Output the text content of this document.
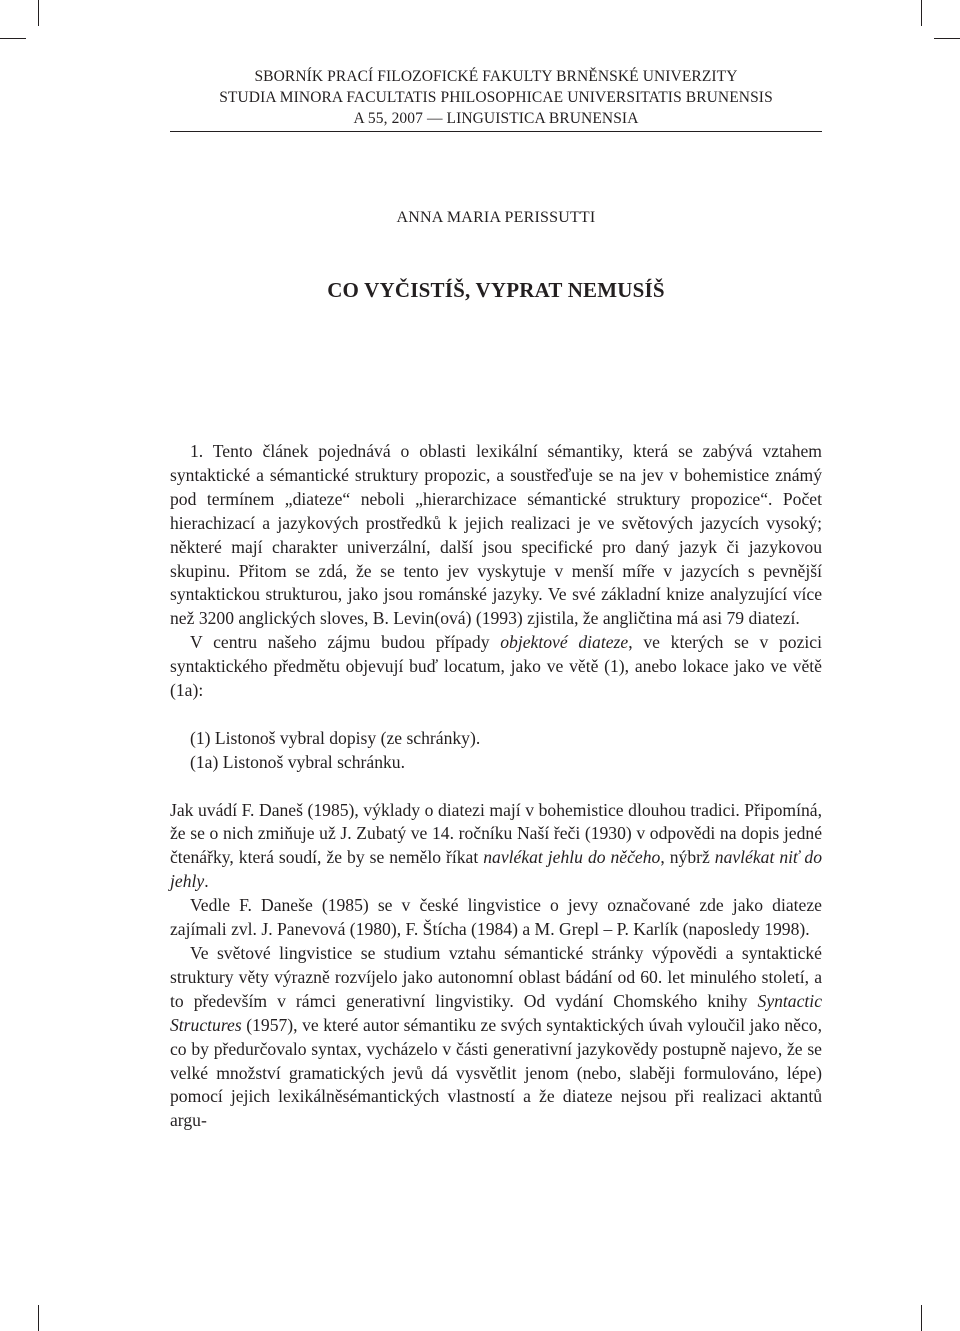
SBORNÍK PRACÍ FILOZOFICKÉ FAKULTY BRNĚNSKÉ UNIVERZITY
STUDIA MINORA FACULTATIS PHILOSOPHICAE UNIVERSITATIS BRUNENSIS
A 55, 2007 — LINGUISTICA BRUNENSIA
ANNA MARIA PERISSUTTI
CO VYČISTÍŠ, VYPRAT NEMUSÍŠ

1. Tento článek pojednává o oblasti lexikální sémantiky, která se zabývá vztahem syntaktické a sémantické struktury propozic, a soustřeďuje se na jev v bohemistice známý pod termínem „diateze“ neboli „hierarchizace sémantické struktury propozice“. Počet hierachizací a jazykových prostředků k jejich realizaci je ve světových jazycích vysoký; některé mají charakter univerzální, další jsou specifické pro daný jazyk či jazykovou skupinu. Přitom se zdá, že se tento jev vyskytuje v menší míře v jazycích s pevnější syntaktickou strukturou, jako jsou románské jazyky. Ve své základní knize analyzující více než 3200 anglických sloves, B. Levin(ová) (1993) zjistila, že angličtina má asi 79 diatezí.

V centru našeho zájmu budou případy objektové diateze, ve kterých se v pozici syntaktického předmětu objevují buď locatum, jako ve větě (1), anebo lokace jako ve větě (1a):

(1) Listonoš vybral dopisy (ze schránky).

(1a) Listonoš vybral schránku.

Jak uvádí F. Daneš (1985), výklady o diatezi mají v bohemistice dlouhou tradici. Připomíná, že se o nich zmiňuje už J. Zubatý ve 14. ročníku Naší řeči (1930) v odpovědi na dopis jedné čtenářky, která soudí, že by se nemělo říkat navlékat jehlu do něčeho, nýbrž navlékat niť do jehly.

Vedle F. Daneše (1985) se v české lingvistice o jevy označované zde jako diateze zajímali zvl. J. Panevová (1980), F. Štícha (1984) a M. Grepl – P. Karlík (naposledy 1998).

Ve světové lingvistice se studium vztahu sémantické stránky výpovědi a syntaktické struktury věty výrazně rozvíjelo jako autonomní oblast bádání od 60. let minulého století, a to především v rámci generativní lingvistiky. Od vydání Chomského knihy Syntactic Structures (1957), ve které autor sémantiku ze svých syntaktických úvah vyloučil jako něco, co by předurčovalo syntax, vycházelo v části generativní jazykovědy postupně najevo, že se velké množství gramatických jevů dá vysvětlit jenom (nebo, slaběji formulováno, lépe) pomocí jejich lexikálněsémantických vlastností a že diateze nejsou při realizaci aktantů argu-
